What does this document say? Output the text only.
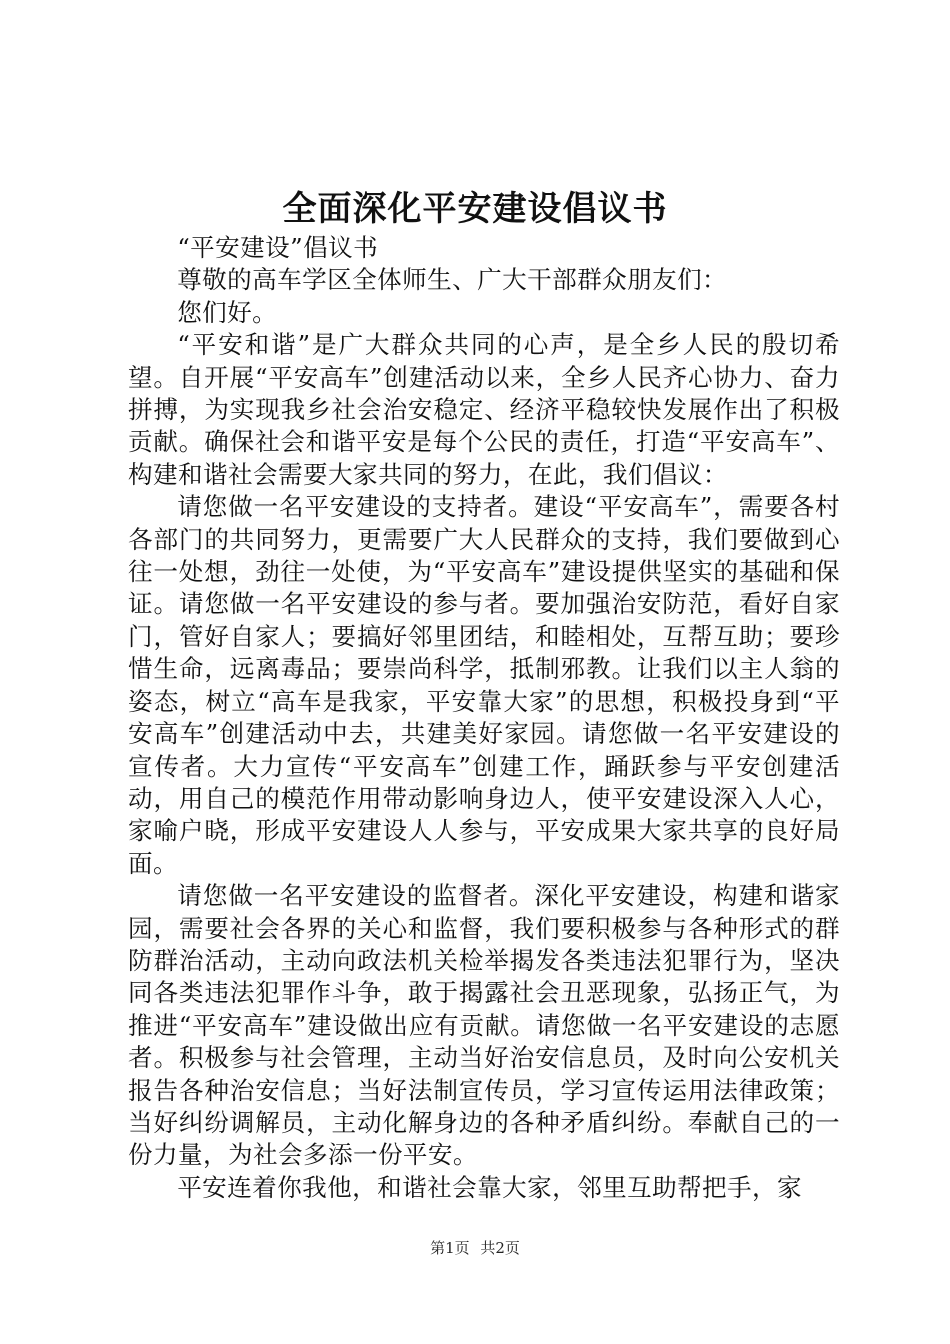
全面深化平安建设倡议书

“平安建设”倡议书

尊敬的高车学区全体师生、广大干部群众朋友们：

您们好。

“平安和谐”是广大群众共同的心声，是全乡人民的殷切希望。自开展“平安高车”创建活动以来，全乡人民齐心协力、奋力拼搏，为实现我乡社会治安稳定、经济平稳较快发展作出了积极贡献。确保社会和谐平安是每个公民的责任，打造“平安高车”、构建和谐社会需要大家共同的努力，在此，我们倡议：

请您做一名平安建设的支持者。建设“平安高车”，需要各村各部门的共同努力，更需要广大人民群众的支持，我们要做到心往一处想，劲往一处使，为“平安高车”建设提供坚实的基础和保证。请您做一名平安建设的参与者。要加强治安防范，看好自家门，管好自家人；要搞好邻里团结，和睦相处，互帮互助；要珍惜生命，远离毒品；要崇尚科学，抵制邪教。让我们以主人翁的姿态，树立“高车是我家，平安靠大家”的思想，积极投身到“平安高车”创建活动中去，共建美好家园。请您做一名平安建设的宣传者。大力宣传“平安高车”创建工作，踊跃参与平安创建活动，用自己的模范作用带动影响身边人，使平安建设深入人心，家喻户晓，形成平安建设人人参与，平安成果大家共享的良好局面。

请您做一名平安建设的监督者。深化平安建设，构建和谐家园，需要社会各界的关心和监督，我们要积极参与各种形式的群防群治活动，主动向政法机关检举揭发各类违法犯罪行为，坚决同各类违法犯罪作斗争，敢于揭露社会丑恶现象，弘扬正气，为推进“平安高车”建设做出应有贡献。请您做一名平安建设的志愿者。积极参与社会管理，主动当好治安信息员，及时向公安机关报告各种治安信息；当好法制宣传员，学习宣传运用法律政策；当好纠纷调解员，主动化解身边的各种矛盾纠纷。奉献自己的一份力量，为社会多添一份平安。

平安连着你我他，和谐社会靠大家，邻里互助帮把手，家

第1页 共2页
